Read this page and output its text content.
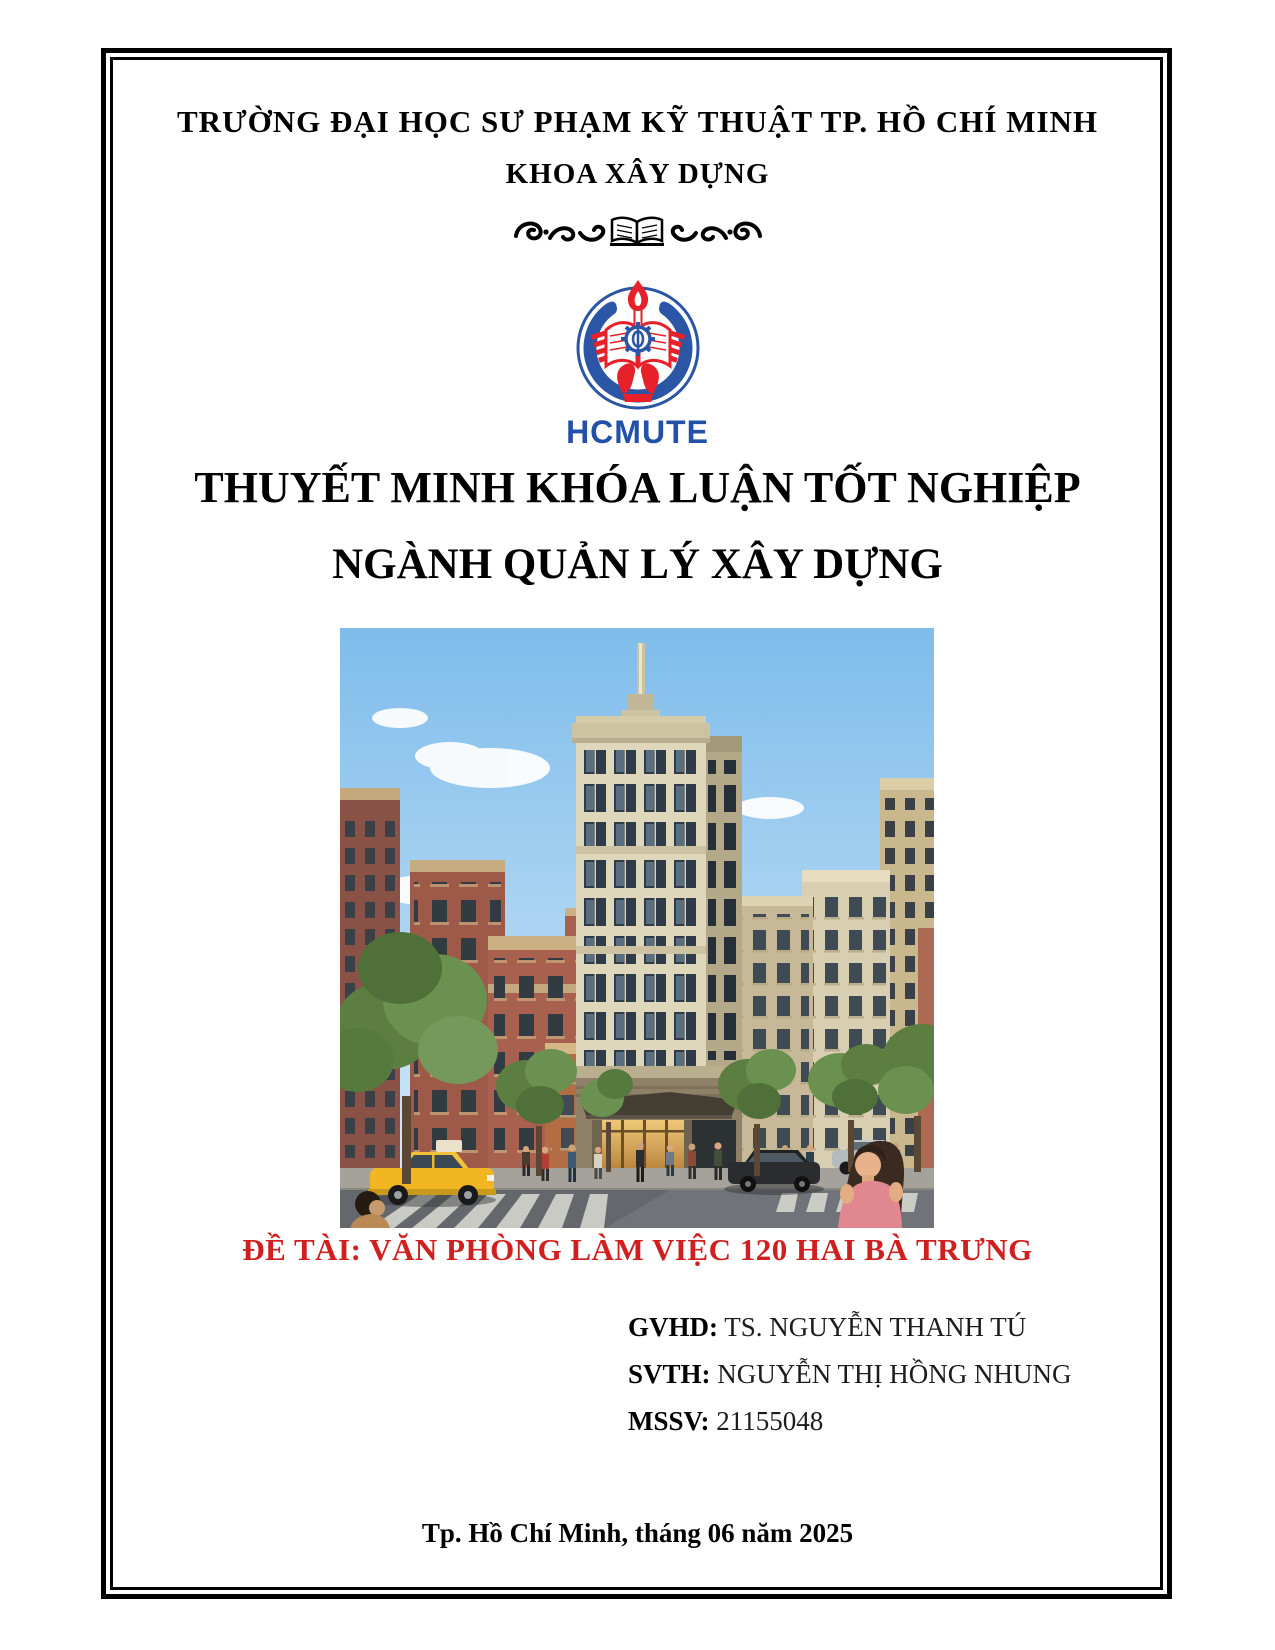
TRƯỜNG ĐẠI HỌC SƯ PHẠM KỸ THUẬT TP. HỒ CHÍ MINH
KHOA XÂY DỰNG
HCMUTE
THUYẾT MINH KHÓA LUẬN TỐT NGHIỆP
NGÀNH QUẢN LÝ XÂY DỰNG
ĐỀ TÀI: VĂN PHÒNG LÀM VIỆC 120 HAI BÀ TRƯNG
GVHD: TS. NGUYỄN THANH TÚ
SVTH: NGUYỄN THỊ HỒNG NHUNG
MSSV: 21155048
Tp. Hồ Chí Minh, tháng 06 năm 2025
